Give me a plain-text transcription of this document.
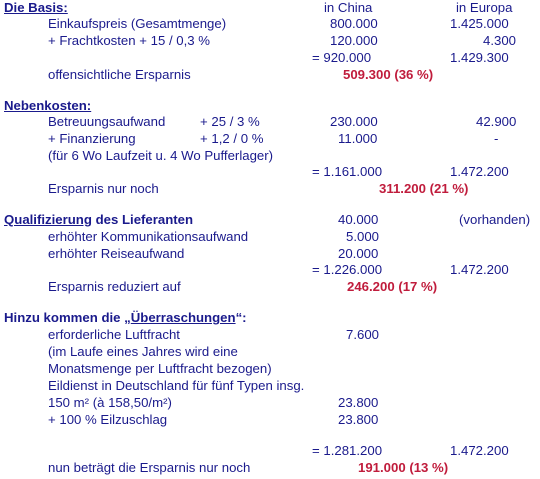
Die Basis:	in China	in Europa
Einkaufspreis (Gesamtmenge)	800.000	1.425.000
+ Frachtkosten + 15 / 0,3 %	120.000	4.300
= 920.000	1.429.300
offensichtliche Ersparnis	509.300 (36 %)
Nebenkosten:
Betreuungsaufwand	+ 25 / 3 %	230.000	42.900
+ Finanzierung	+ 1,2 / 0 %	11.000	-
(für 6 Wo Laufzeit u. 4 Wo Pufferlager)
= 1.161.000	1.472.200
Ersparnis nur noch	311.200 (21 %)
Qualifizierung des Lieferanten	40.000	(vorhanden)
erhöhter Kommunikationsaufwand	5.000
erhöhter Reiseaufwand	20.000
= 1.226.000	1.472.200
Ersparnis reduziert auf	246.200 (17 %)
Hinzu kommen die „Überraschungen“:
erforderliche Luftfracht	7.600
(im Laufe eines Jahres wird eine
Monatsmenge per Luftfracht bezogen)
Eildienst in Deutschland für fünf Typen insg.
150 m² (à 158,50/m²)	23.800
+ 100 % Eilzuschlag	23.800
= 1.281.200	1.472.200
nun beträgt die Ersparnis nur noch	191.000 (13 %)
